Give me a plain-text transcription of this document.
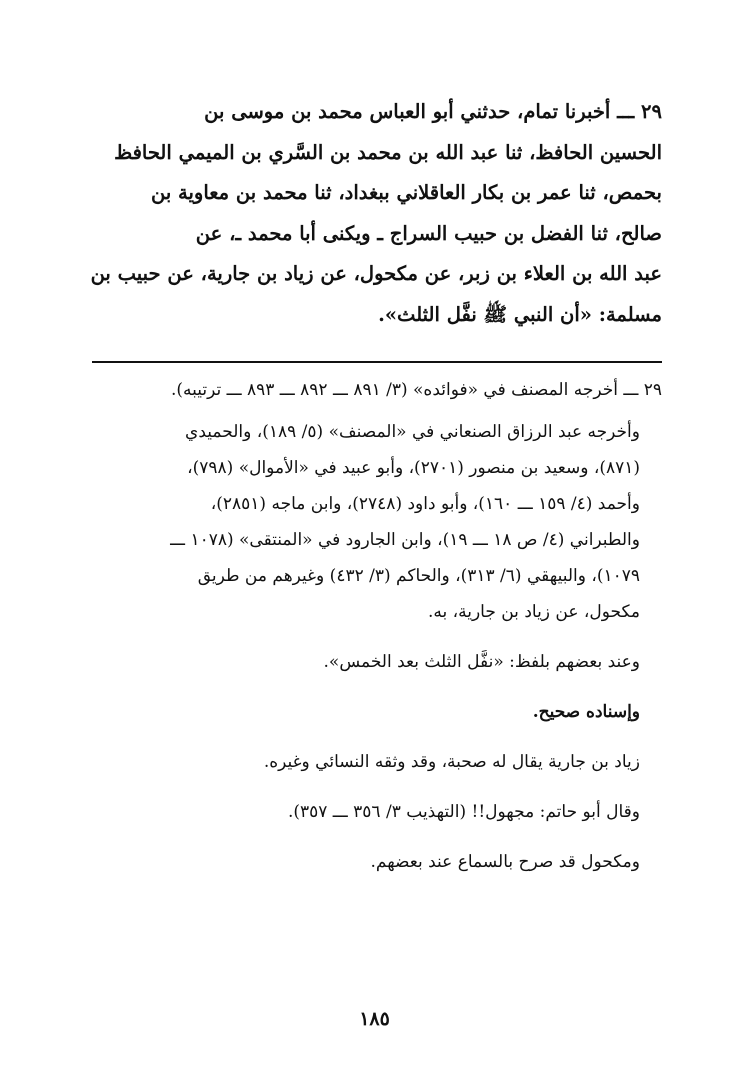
٢٩ ـــ أخبرنا تمام، حدثني أبو العباس محمد بن موسى بن

الحسين الحافظ، ثنا عبد الله بن محمد بن السَّري بن الميمي الحافظ

بحمص، ثنا عمر بن بكار العاقلاني ببغداد، ثنا محمد بن معاوية بن

صالح، ثنا الفضل بن حبيب السراج ـ ويكنى أبا محمد ـ، عن

عبد الله بن العلاء بن زبر، عن مكحول، عن زياد بن جارية، عن حبيب بن

مسلمة: «أن النبي ﷺ نفَّل الثلث».

٢٩ ـــ أخرجه المصنف في «فوائده» (٣/ ٨٩١ ـــ ٨٩٢ ـــ ٨٩٣ ـــ ترتيبه).

وأخرجه عبد الرزاق الصنعاني في «المصنف» (٥/ ١٨٩)، والحميدي

(٨٧١)، وسعيد بن منصور (٢٧٠١)، وأبو عبيد في «الأموال» (٧٩٨)،

وأحمد (٤/ ١٥٩ ـــ ١٦٠)، وأبو داود (٢٧٤٨)، وابن ماجه (٢٨٥١)،

والطبراني (٤/ ص ١٨ ـــ ١٩)، وابن الجارود في «المنتقى» (١٠٧٨ ـــ

١٠٧٩)، والبيهقي (٦/ ٣١٣)، والحاكم (٣/ ٤٣٢) وغيرهم من طريق

مكحول، عن زياد بن جارية، به.

وعند بعضهم بلفظ: «نفَّل الثلث بعد الخمس».

وإسناده صحيح.

زياد بن جارية يقال له صحبة، وقد وثقه النسائي وغيره.

وقال أبو حاتم: مجهول!! (التهذيب ٣/ ٣٥٦ ـــ ٣٥٧).

ومكحول قد صرح بالسماع عند بعضهم.

١٨٥
